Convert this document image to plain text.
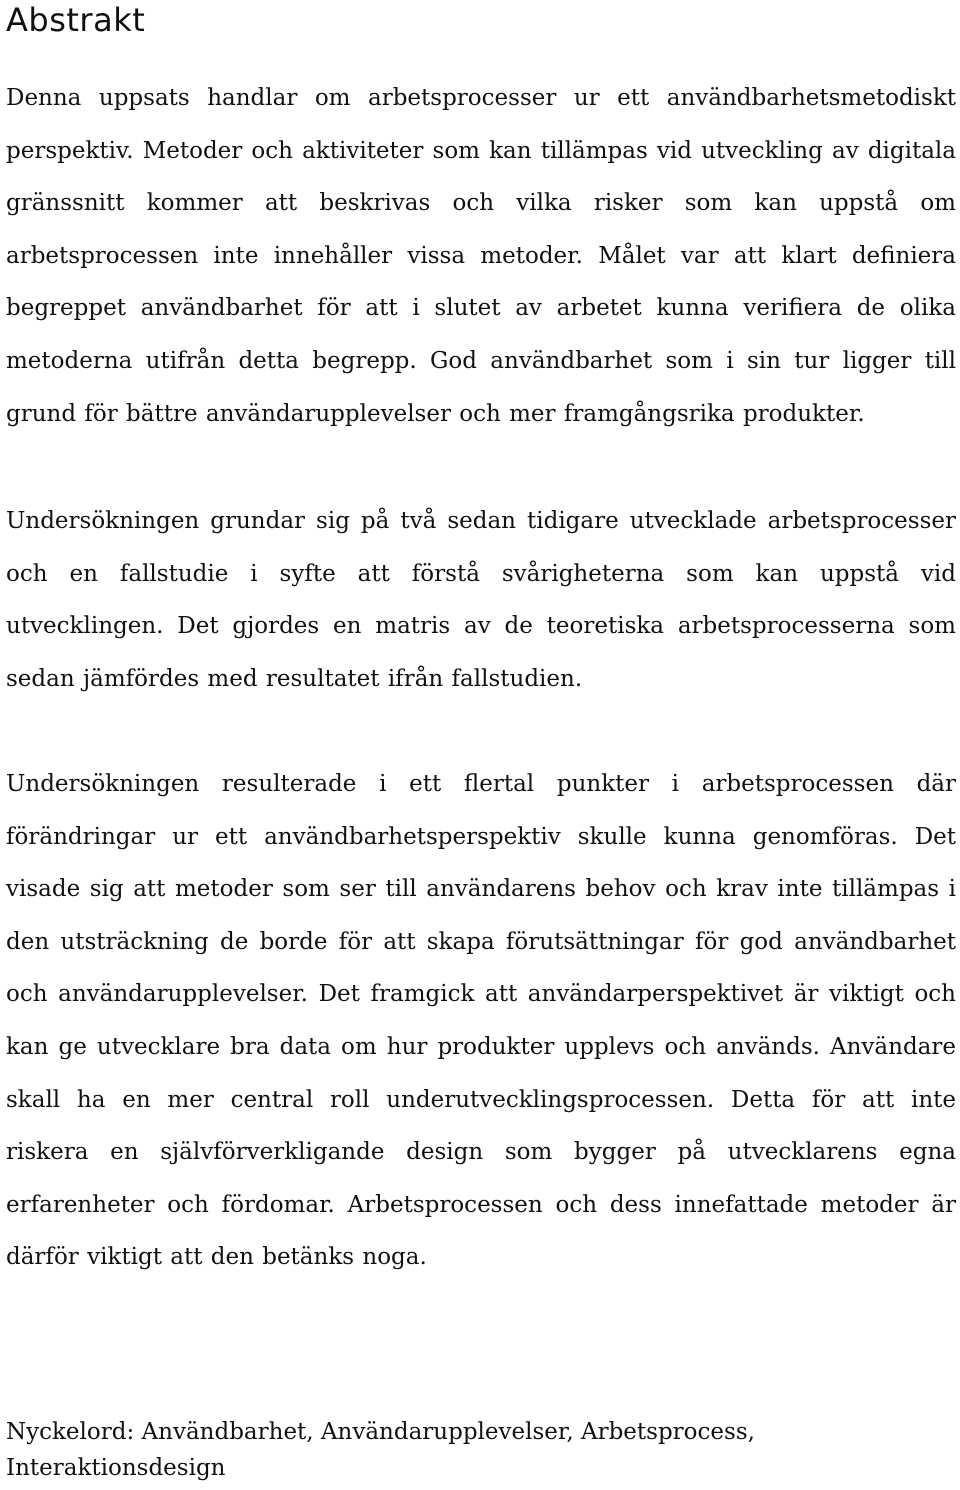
Abstrakt

Denna uppsats handlar om arbetsprocesser ur ett användbarhetsmetodiskt perspektiv. Metoder och aktiviteter som kan tillämpas vid utveckling av digitala gränssnitt kommer att beskrivas och vilka risker som kan uppstå om arbetsprocessen inte innehåller vissa metoder. Målet var att klart definiera begreppet användbarhet för att i slutet av arbetet kunna verifiera de olika metoderna utifrån detta begrepp. God användbarhet som i sin tur ligger till grund för bättre användarupplevelser och mer framgångsrika produkter.

Undersökningen grundar sig på två sedan tidigare utvecklade arbetsprocesser och en fallstudie i syfte att förstå svårigheterna som kan uppstå vid utvecklingen. Det gjordes en matris av de teoretiska arbetsprocesserna som sedan jämfördes med resultatet ifrån fallstudien.

Undersökningen resulterade i ett flertal punkter i arbetsprocessen där förändringar ur ett användbarhetsperspektiv skulle kunna genomföras. Det visade sig att metoder som ser till användarens behov och krav inte tillämpas i den utsträckning de borde för att skapa förutsättningar för god användbarhet och användarupplevelser. Det framgick att användarperspektivet är viktigt och kan ge utvecklare bra data om hur produkter upplevs och används. Användare skall ha en mer central roll underutvecklingsprocessen. Detta för att inte riskera en självförverkligande design som bygger på utvecklarens egna erfarenheter och fördomar. Arbetsprocessen och dess innefattade metoder är därför viktigt att den betänks noga.

Nyckelord: Användbarhet, Användarupplevelser, Arbetsprocess, Interaktionsdesign
